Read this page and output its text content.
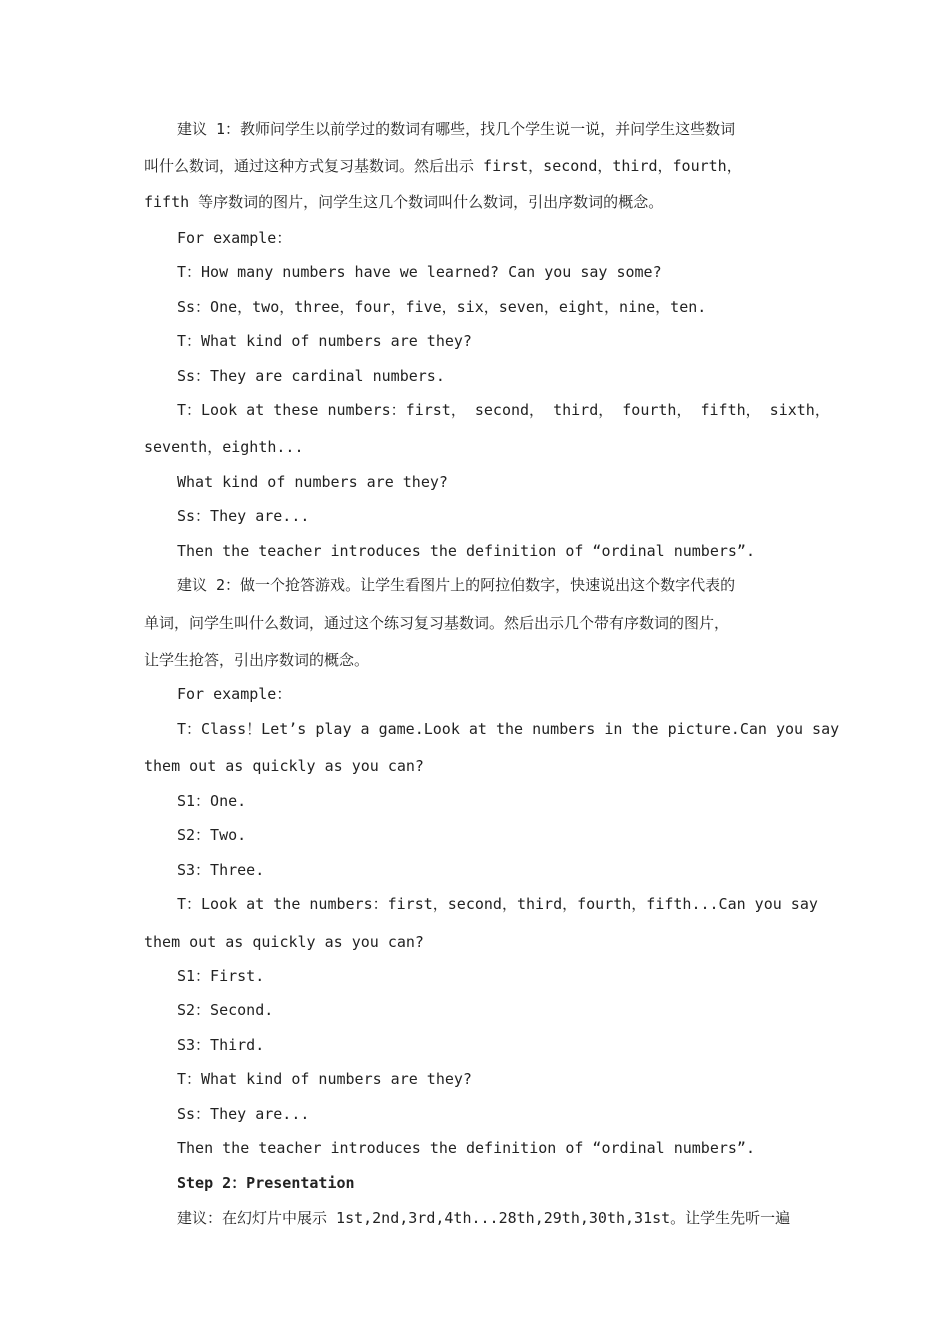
建议 1：教师问学生以前学过的数词有哪些，找几个学生说一说，并问学生这些数词
叫什么数词，通过这种方式复习基数词。然后出示 first，second，third，fourth，
fifth 等序数词的图片，问学生这几个数词叫什么数词，引出序数词的概念。
For example：
T：How many numbers have we learned? Can you say some?
Ss：One，two，three，four，five，six，seven，eight，nine，ten.
T：What kind of numbers are they?
Ss：They are cardinal numbers.
T：Look at these numbers：first， second， third， fourth， fifth， sixth，
seventh，eighth...
What kind of numbers are they?
Ss：They are...
Then the teacher introduces the definition of “ordinal numbers”.
建议 2：做一个抢答游戏。让学生看图片上的阿拉伯数字，快速说出这个数字代表的
单词，问学生叫什么数词，通过这个练习复习基数词。然后出示几个带有序数词的图片，
让学生抢答，引出序数词的概念。
For example：
T：Class！Let’s play a game.Look at the numbers in the picture.Can you say
them out as quickly as you can?
S1：One.
S2：Two.
S3：Three.
T：Look at the numbers：first，second，third，fourth，fifth...Can you say
them out as quickly as you can?
S1：First.
S2：Second.
S3：Third.
T：What kind of numbers are they?
Ss：They are...
Then the teacher introduces the definition of “ordinal numbers”.
Step 2：Presentation
建议：在幻灯片中展示 1st,2nd,3rd,4th...28th,29th,30th,31st。让学生先听一遍
